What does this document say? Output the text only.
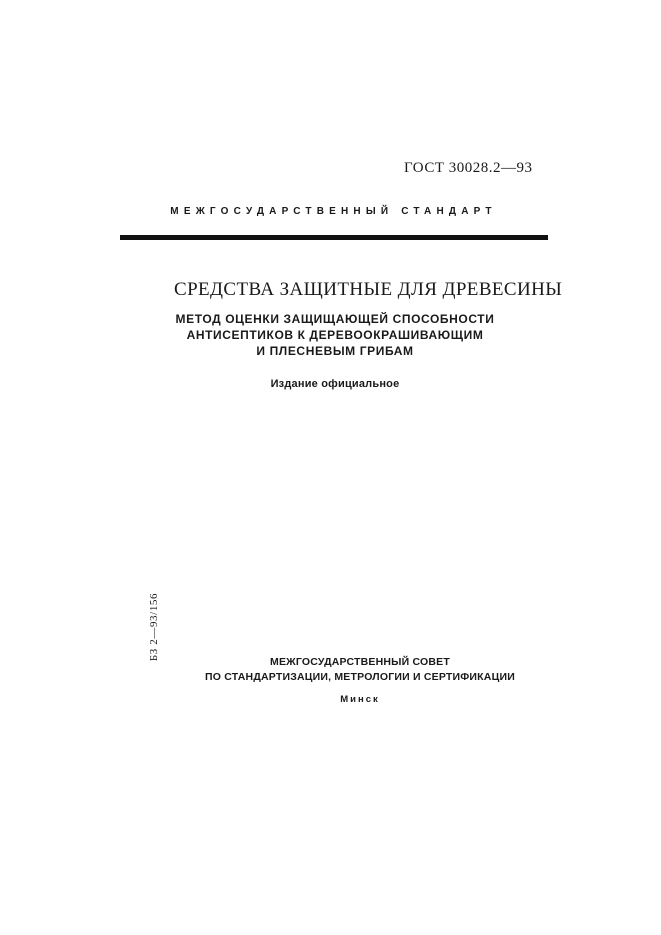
ГОСТ 30028.2—93
МЕЖГОСУДАРСТВЕННЫЙ СТАНДАРТ
СРЕДСТВА ЗАЩИТНЫЕ ДЛЯ ДРЕВЕСИНЫ
МЕТОД ОЦЕНКИ ЗАЩИЩАЮЩЕЙ СПОСОБНОСТИ
АНТИСЕПТИКОВ К ДЕРЕВООКРАШИВАЮЩИМ
И ПЛЕСНЕВЫМ ГРИБАМ
Издание официальное
БЗ 2—93/156
МЕЖГОСУДАРСТВЕННЫЙ СОВЕТ
ПО СТАНДАРТИЗАЦИИ, МЕТРОЛОГИИ И СЕРТИФИКАЦИИ
Минск
